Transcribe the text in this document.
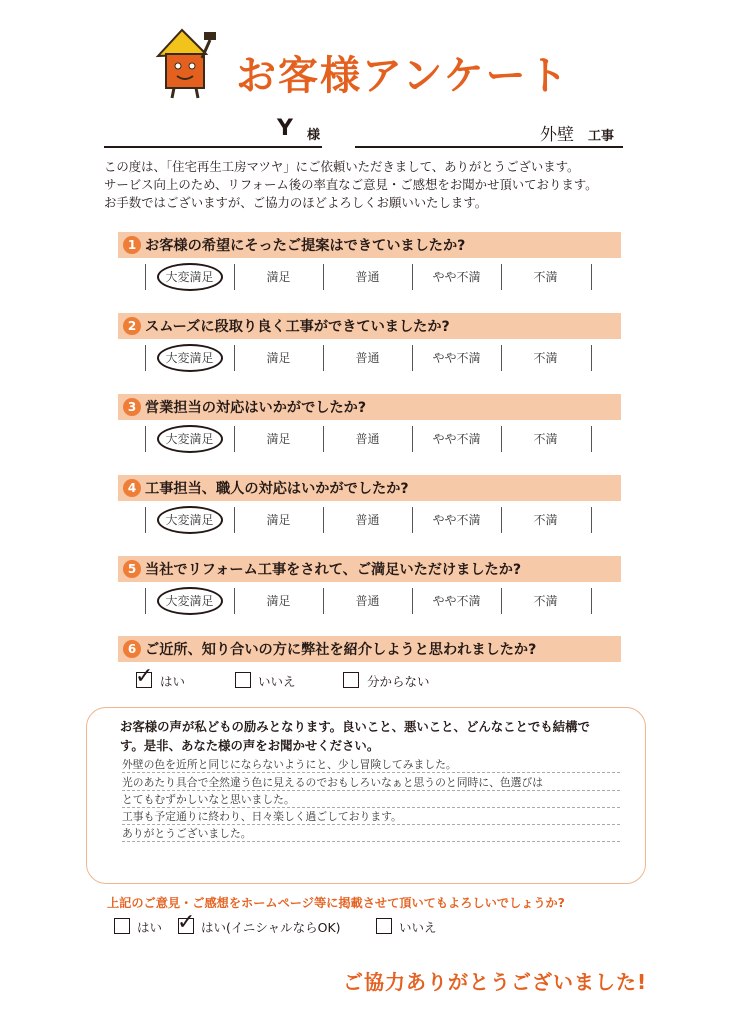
お客様アンケート
Y 様	外壁 工事
この度は、「住宅再生工房マツヤ」にご依頼いただきまして、ありがとうございます。
サービス向上のため、リフォーム後の率直なご意見・ご感想をお聞かせ頂いております。
お手数ではございますが、ご協力のほどよろしくお願いいたします。
1 お客様の希望にそったご提案はできていましたか?
大変満足	満足	普通	やや不満	不満
2 スムーズに段取り良く工事ができていましたか?
大変満足	満足	普通	やや不満	不満
3 営業担当の対応はいかがでしたか?
大変満足	満足	普通	やや不満	不満
4 工事担当、職人の対応はいかがでしたか?
大変満足	満足	普通	やや不満	不満
5 当社でリフォーム工事をされて、ご満足いただけましたか?
大変満足	満足	普通	やや不満	不満
6 ご近所、知り合いの方に弊社を紹介しようと思われましたか?
✓ はい	いいえ	分からない
お客様の声が私どもの励みとなります。良いこと、悪いこと、どんなことでも結構で
す。是非、あなた様の声をお聞かせください。
外壁の色を近所と同じにならないようにと、少し冒険してみました。
光のあたり具合で全然違う色に見えるのでおもしろいなぁと思うのと同時に、色選びは
とてもむずかしいなと思いました。
工事も予定通りに終わり、日々楽しく過ごしております。
ありがとうございました。
上記のご意見・ご感想をホームページ等に掲載させて頂いてもよろしいでしょうか?
はい ✓ はい(イニシャルならOK)	いいえ
ご協力ありがとうございました!
